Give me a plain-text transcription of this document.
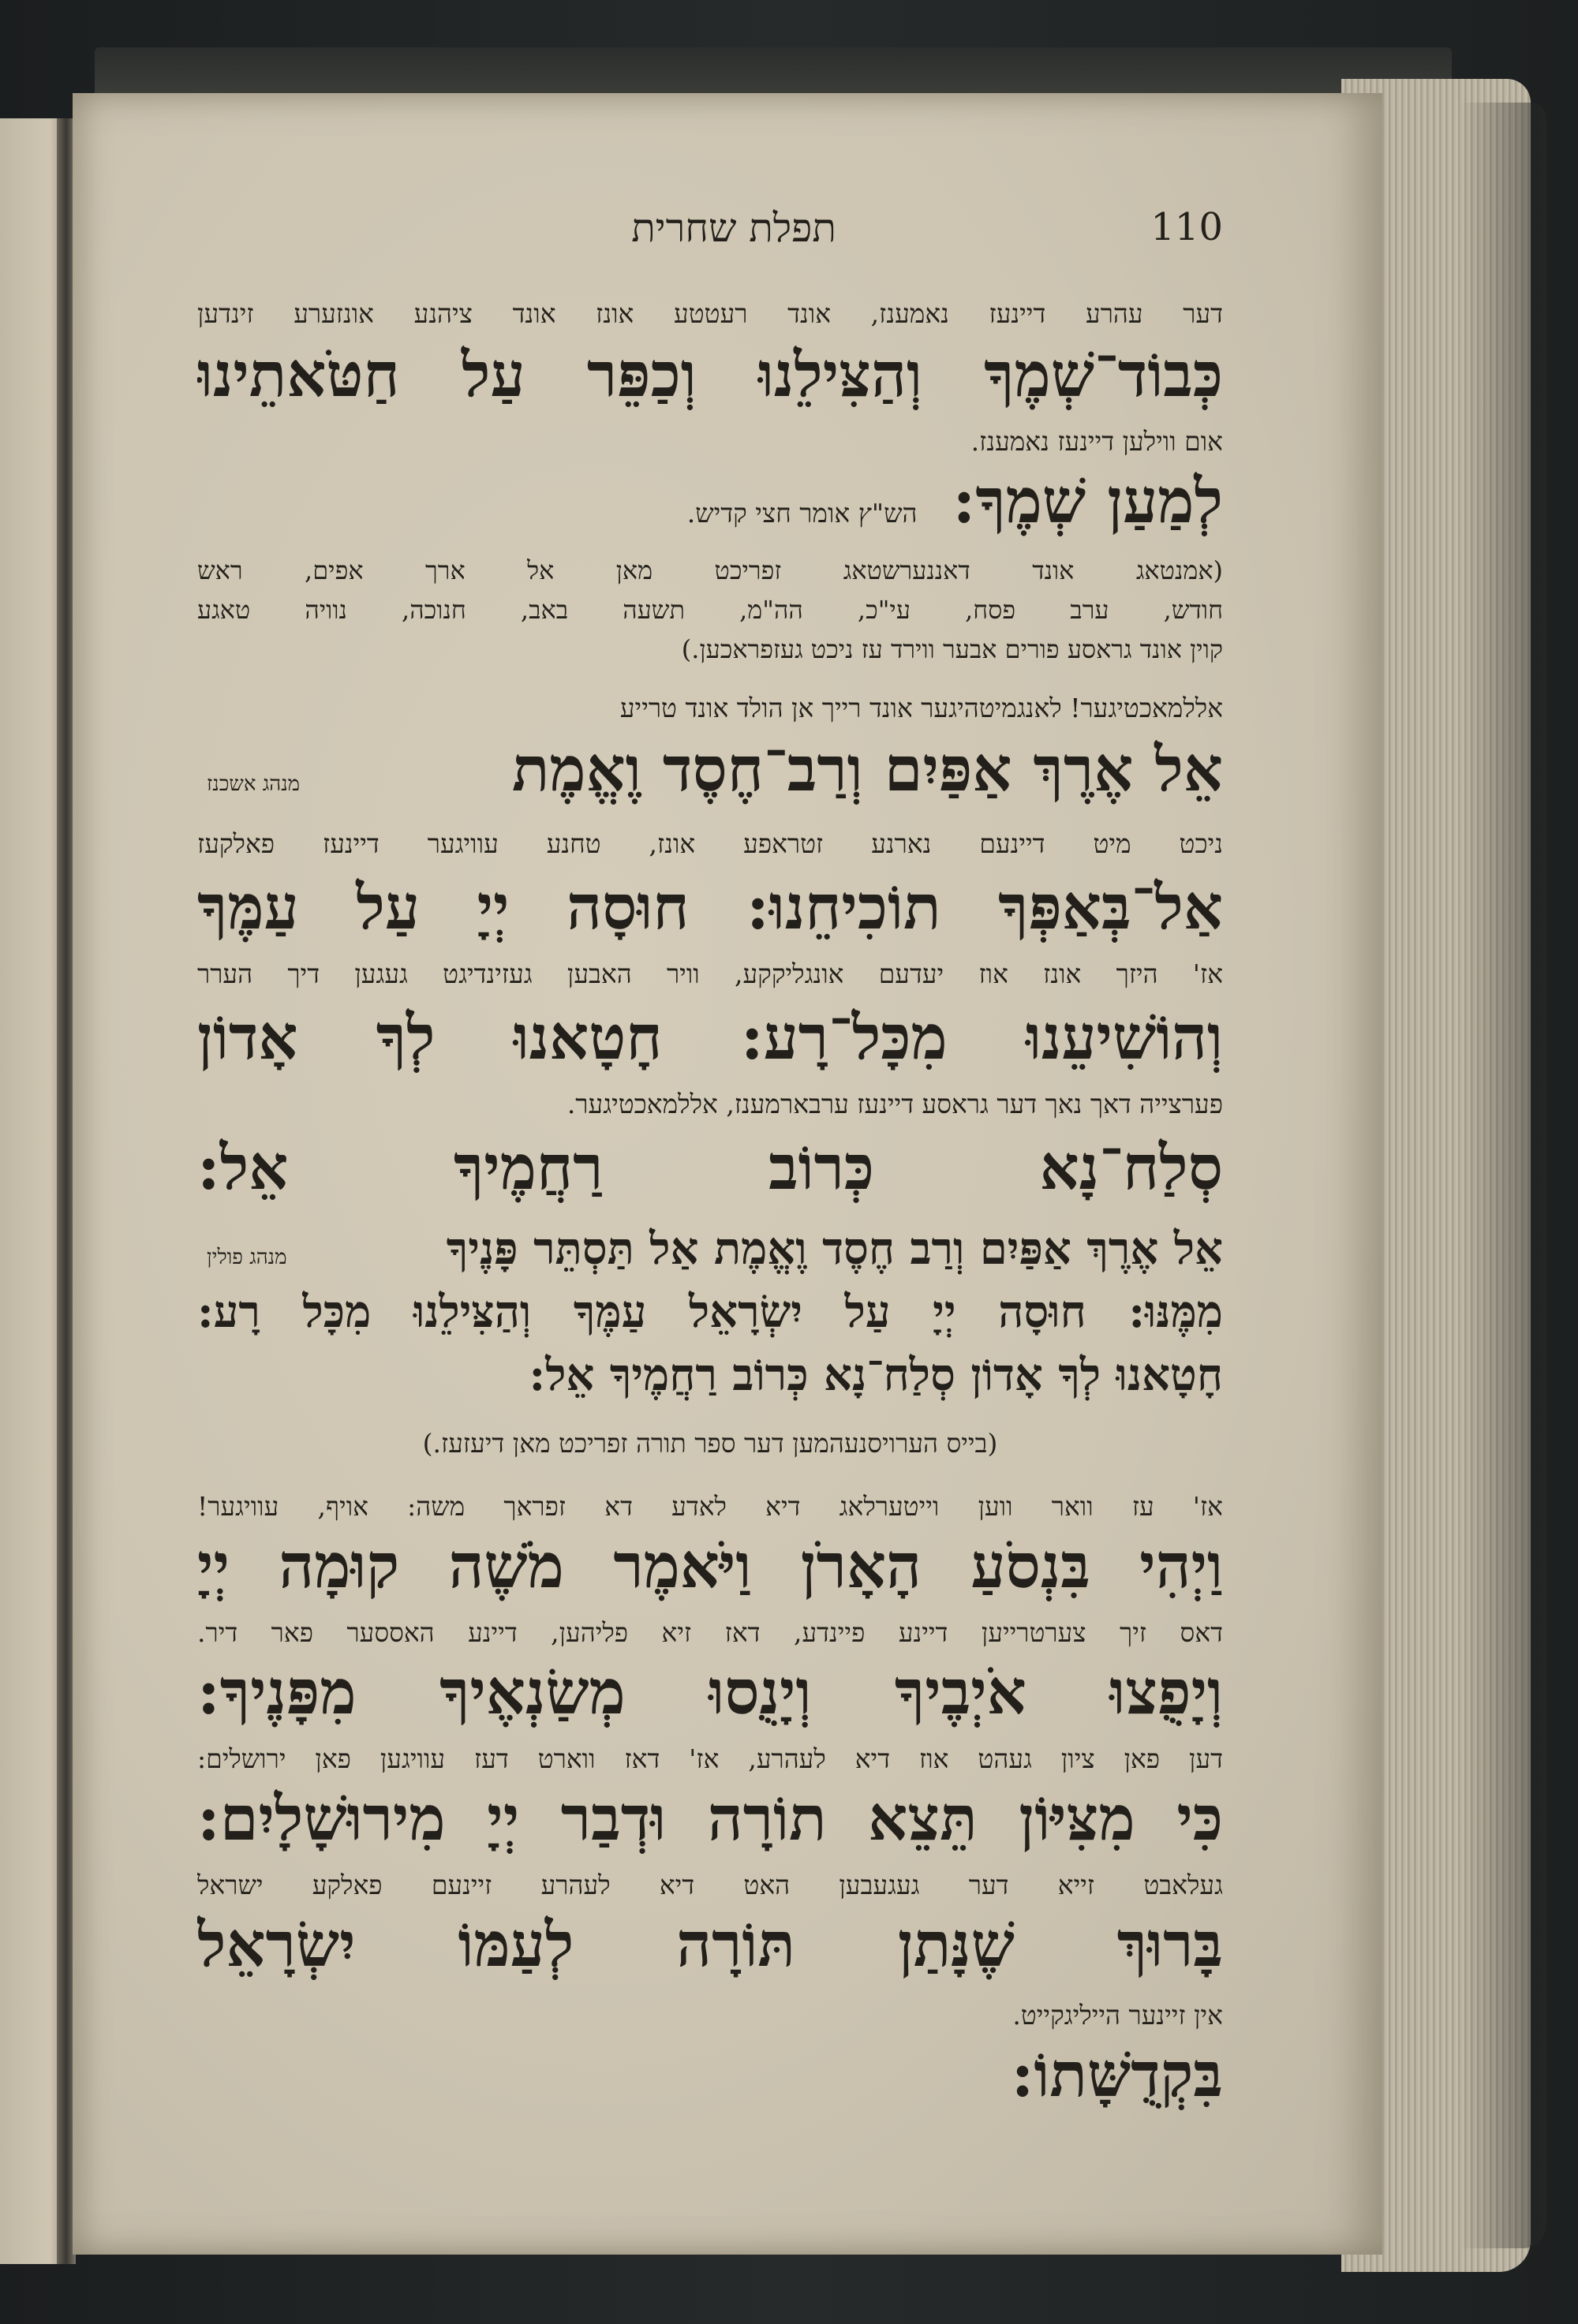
תפלת שחרית	110
דער עהרע דיינעז נאמענז, אונד רעטטע אונז אונד ציהנע אונזערע זינדען
כְּבוֹד־שְׁמֶךָ וְהַצִּילֵנוּ וְכַפֵּר עַל חַטֹּאתֵינוּ
אום ווילען דיינעז נאמענז.
לְמַעַן שְׁמֶךָ: הש"ץ אומר חצי קדיש.
(אמנטאג אונד דאננערשטאג זפריכט מאן אל ארך אפים, ראש
חודש, ערב פסח, עי"כ, הה"מ, תשעה באב, חנוכה, נוויה טאגע
קוין אונד גראסע פורים אבער ווירד עז ניכט געזפראכען.)
אללמאכטיגער! לאנגמיטהיגער אונד רייך אן הולד אונד טרייע
אֵל אֶרֶךְ אַפַּיִם וְרַב־חֶסֶד וֶאֱמֶת
מנהג אשכנז
ניכט מיט דיינעם נארנע זטראפע אונז, טחנע עוויגער דיינעז פאלקעז
אַל־בְּאַפְּךָ תוֹכִיחֵנוּ: חוּסָה יְיָ עַל עַמֶּךָ
אז' היזך אונז אוז יעדעם אונגליקקע, וויר האבען געזינדיגט געגען דיך הערר
וְהוֹשִׁיעֵנוּ מִכָּל־רָע: חָטָאנוּ לְךָ אָדוֹן
פערצייה דאך נאך דער גראסע דיינעז ערבארמענז, אללמאכטיגער.
סְלַח־נָא כְּרוֹב רַחֲמֶיךָ אֵל:
אֵל אֶרֶךְ אַפַּיִם וְרַב חֶסֶד וֶאֱמֶת אַל תַּסְתֵּר פָּנֶיךָ
מנהג פולין
מִמֶּנּוּ: חוּסָה יְיָ עַל יִשְׂרָאֵל עַמֶּךָ וְהַצִּילֵנוּ מִכָּל רָע:
חָטָאנוּ לְךָ אָדוֹן סְלַח־נָא כְּרוֹב רַחֲמֶיךָ אֵל:
(בייס הערויסנעהמען דער ספר תורה זפריכט מאן דיעזעז.)
אז' עז וואר ווען וייטערלאג דיא לאדע דא זפראך משה: אויף, עוויגער!
וַיְהִי בִּנְסֹעַ הָאָרֹן וַיֹּאמֶר מֹשֶׁה קוּמָה יְיָ
דאס זיך צערטרייען דיינע פיינדע, דאז זיא פליהען, דיינע האססער פאר דיר.
וְיָפֻצוּ אֹיְבֶיךָ וְיָנֻסוּ מְשַׂנְאֶיךָ מִפָּנֶיךָ:
דען פאן ציון געהט אוז דיא לעהרע, אז' דאז ווארט דעז עוויגען פאן ירושלים:
כִּי מִצִּיּוֹן תֵּצֵא תוֹרָה וּדְבַר יְיָ מִירוּשָׁלָיִם:
געלאבט זייא דער געגעבען האט דיא לעהרע זיינעם פאלקע ישראל
בָּרוּךְ שֶׁנָּתַן תּוֹרָה לְעַמּוֹ יִשְׂרָאֵל
אין זיינער הייליגקייט.
בִּקְדֻשָּׁתוֹ:
